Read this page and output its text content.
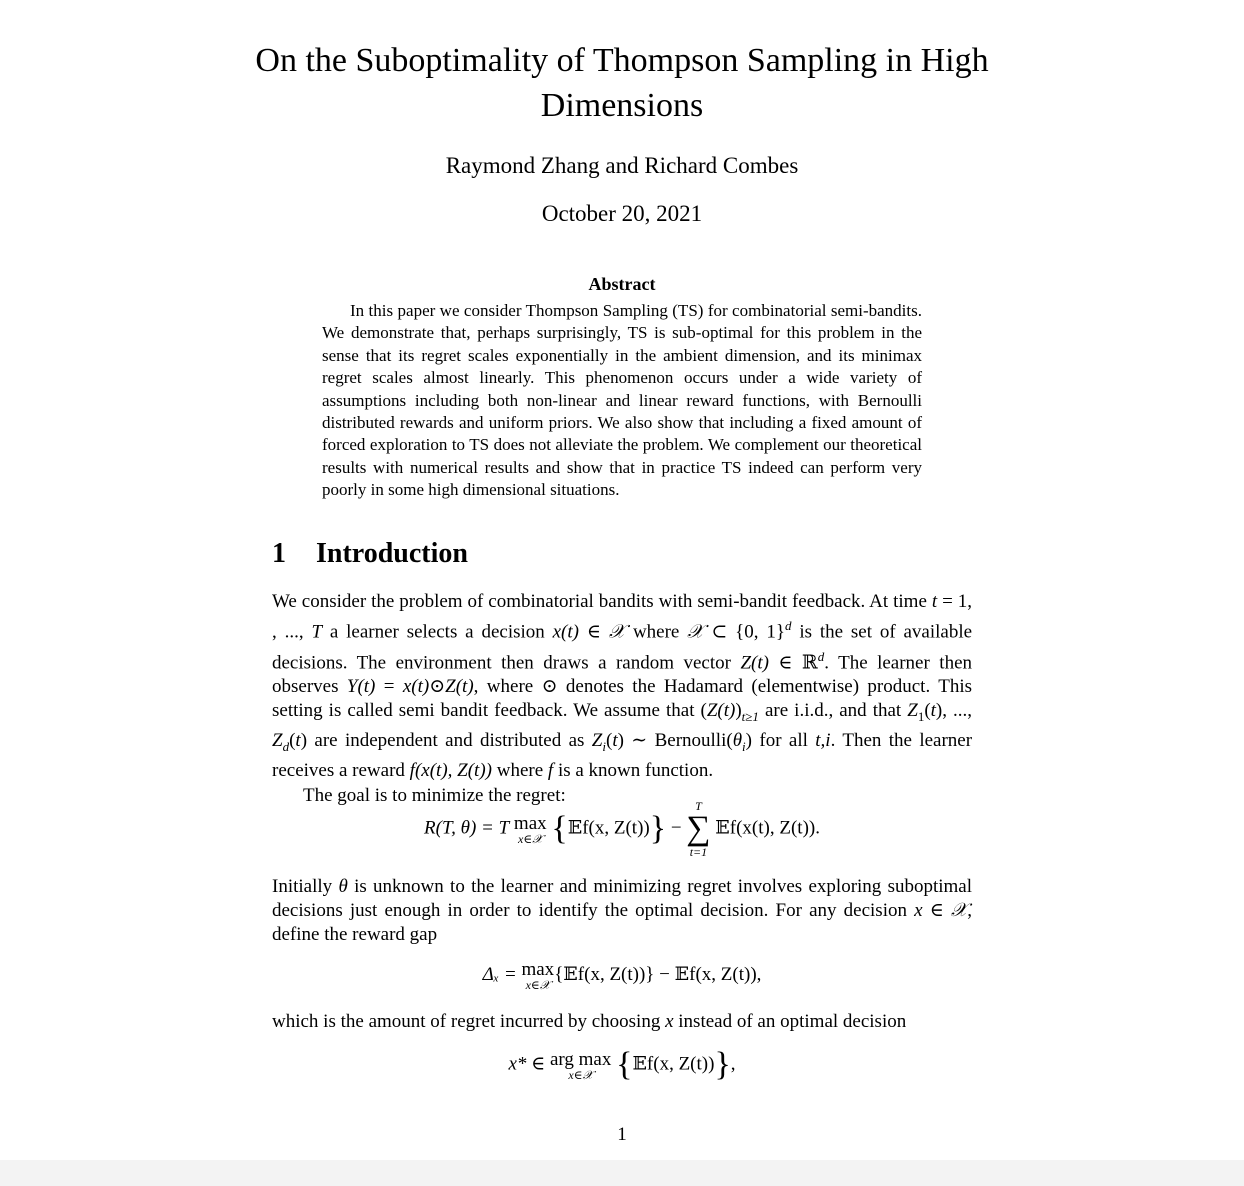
On the Suboptimality of Thompson Sampling in High Dimensions
Raymond Zhang and Richard Combes
October 20, 2021
Abstract

In this paper we consider Thompson Sampling (TS) for combinatorial semi-bandits. We demonstrate that, perhaps surprisingly, TS is sub-optimal for this problem in the sense that its regret scales exponentially in the ambient dimension, and its minimax regret scales almost linearly. This phenomenon occurs under a wide variety of assumptions including both non-linear and linear reward functions, with Bernoulli distributed rewards and uniform priors. We also show that including a fixed amount of forced exploration to TS does not alleviate the problem. We complement our theoretical results with numerical results and show that in practice TS indeed can perform very poorly in some high dimensional situations.

1 Introduction

We consider the problem of combinatorial bandits with semi-bandit feedback. At time t = 1, , ..., T a learner selects a decision x(t) ∈ 𝒳 where 𝒳 ⊂ {0, 1}$^d$ is the set of available decisions. The environment then draws a random vector Z(t) ∈ ℝ$^d$. The learner then observes Y(t) = x(t)⊙Z(t), where ⊙ denotes the Hadamard (elementwise) product. This setting is called semi bandit feedback. We assume that $(Z(t))_{t\ge 1}$ are i.i.d., and that $Z_1(t)$, ..., $Z_d(t)$ are independent and distributed as $Z_i(t)$ ∼ $Bernoulli(\theta_i)$ for all t,i. Then the learner receives a reward f(x(t), Z(t)) where f is a known function.

The goal is to minimize the regret:

R(T, θ) = T max
x∈𝒳 {𝔼f(x, Z(t))} −
T
∑
t=1
𝔼f(x(t), Z(t)).

Initially θ is unknown to the learner and minimizing regret involves exploring suboptimal decisions just enough in order to identify the optimal decision. For any decision x ∈ 𝒳, define the reward gap

Δₓ = max
x∈𝒳
{𝔼f(x, Z(t))} − 𝔼f(x, Z(t)),

which is the amount of regret incurred by choosing x instead of an optimal decision

x* ∈ arg max
x∈𝒳 {𝔼f(x, Z(t))},
1
